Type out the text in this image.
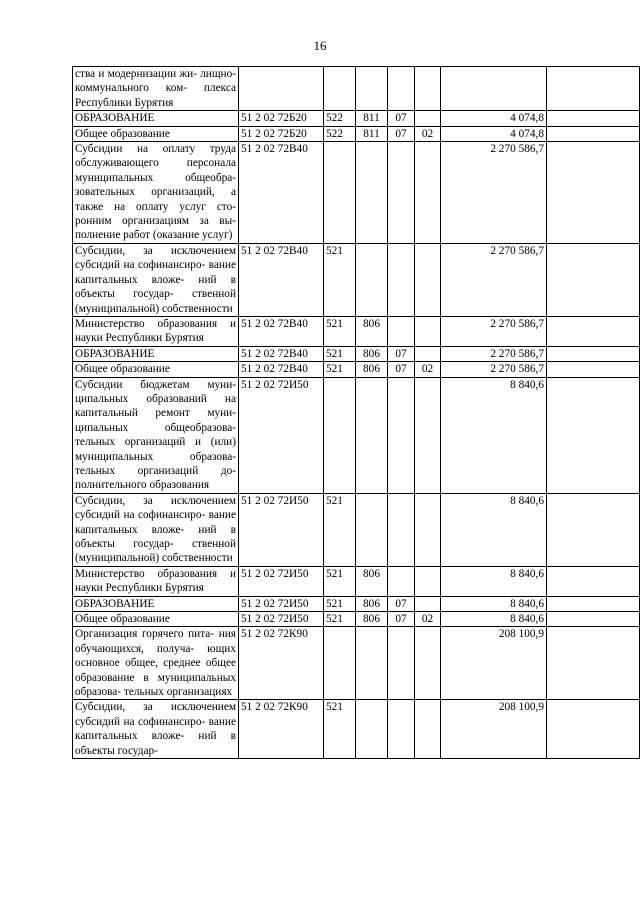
16
ства и модернизации жи- лищно-коммунального ком- плекса Республики Бурятия							
ОБРАЗОВАНИЕ	51 2 02 72Б20	522	811	07		4 074,8	
Общее образование	51 2 02 72Б20	522	811	07	02	4 074,8	
Субсидии на оплату труда обслуживающего персонала муниципальных общеобра- зовательных организаций, а также на оплату услуг сто- ронним организациям за вы- полнение работ (оказание услуг)	51 2 02 72В40					2 270 586,7	
Субсидии, за исключением субсидий на софинансиро- вание капитальных вложе- ний в объекты государ- ственной (муниципальной) собственности	51 2 02 72В40	521				2 270 586,7	
Министерство образования и науки Республики Бурятия	51 2 02 72В40	521	806			2 270 586,7	
ОБРАЗОВАНИЕ	51 2 02 72В40	521	806	07		2 270 586,7	
Общее образование	51 2 02 72В40	521	806	07	02	2 270 586,7	
Субсидии бюджетам муни- ципальных образований на капитальный ремонт муни- ципальных общеобразова- тельных организаций и (или) муниципальных образова- тельных организаций до- полнительного образования	51 2 02 72И50					8 840,6	
Субсидии, за исключением субсидий на софинансиро- вание капитальных вложе- ний в объекты государ- ственной (муниципальной) собственности	51 2 02 72И50	521				8 840,6	
Министерство образования и науки Республики Бурятия	51 2 02 72И50	521	806			8 840,6	
ОБРАЗОВАНИЕ	51 2 02 72И50	521	806	07		8 840,6	
Общее образование	51 2 02 72И50	521	806	07	02	8 840,6	
Организация горячего пита- ния обучающихся, получа- ющих основное общее, среднее общее образование в муниципальных образова- тельных организациях	51 2 02 72К90					208 100,9	
Субсидии, за исключением субсидий на софинансиро- вание капитальных вложе- ний в объекты государ-	51 2 02 72К90	521				208 100,9	
